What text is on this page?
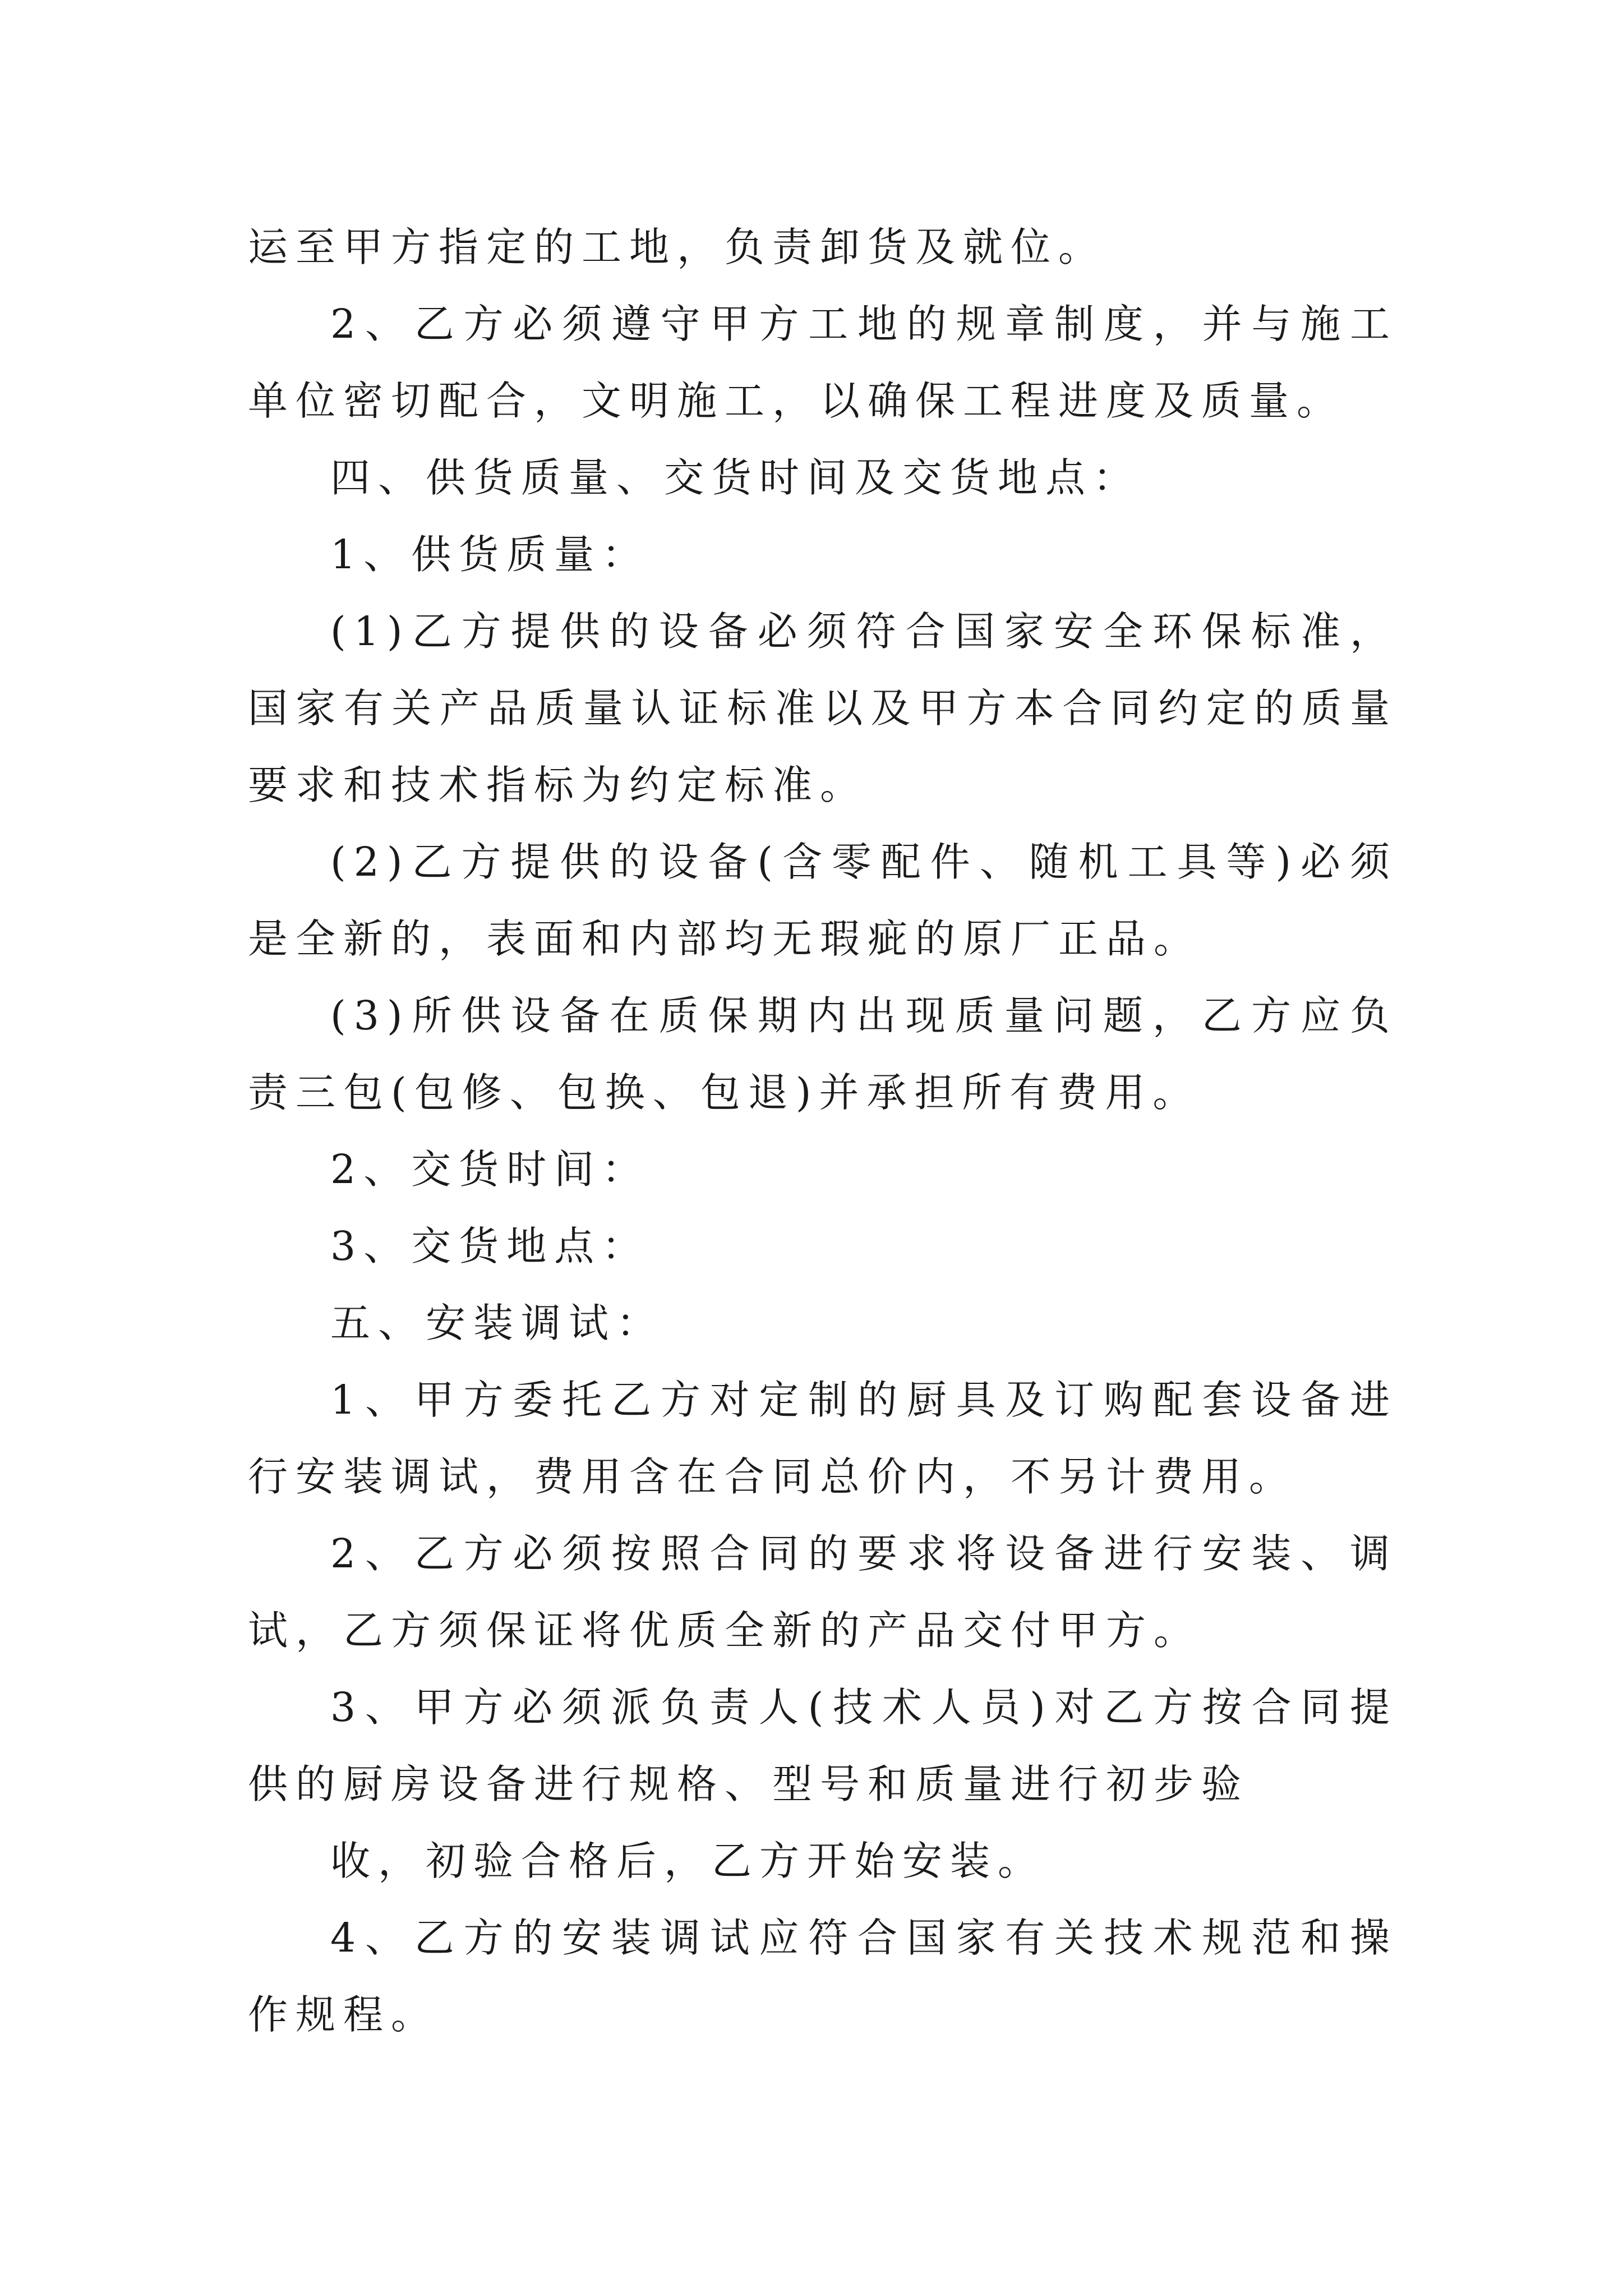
运至甲方指定的工地，负责卸货及就位。

2、乙方必须遵守甲方工地的规章制度，并与施工单位密切配合，文明施工，以确保工程进度及质量。

四、供货质量、交货时间及交货地点：

1、供货质量：

(1)乙方提供的设备必须符合国家安全环保标准，国家有关产品质量认证标准以及甲方本合同约定的质量要求和技术指标为约定标准。

(2)乙方提供的设备(含零配件、随机工具等)必须是全新的，表面和内部均无瑕疵的原厂正品。

(3)所供设备在质保期内出现质量问题，乙方应负责三包(包修、包换、包退)并承担所有费用。

2、交货时间：

3、交货地点：

五、安装调试：

1、甲方委托乙方对定制的厨具及订购配套设备进行安装调试，费用含在合同总价内，不另计费用。

2、乙方必须按照合同的要求将设备进行安装、调试，乙方须保证将优质全新的产品交付甲方。

3、甲方必须派负责人(技术人员)对乙方按合同提供的厨房设备进行规格、型号和质量进行初步验

收，初验合格后，乙方开始安装。

4、乙方的安装调试应符合国家有关技术规范和操作规程。
